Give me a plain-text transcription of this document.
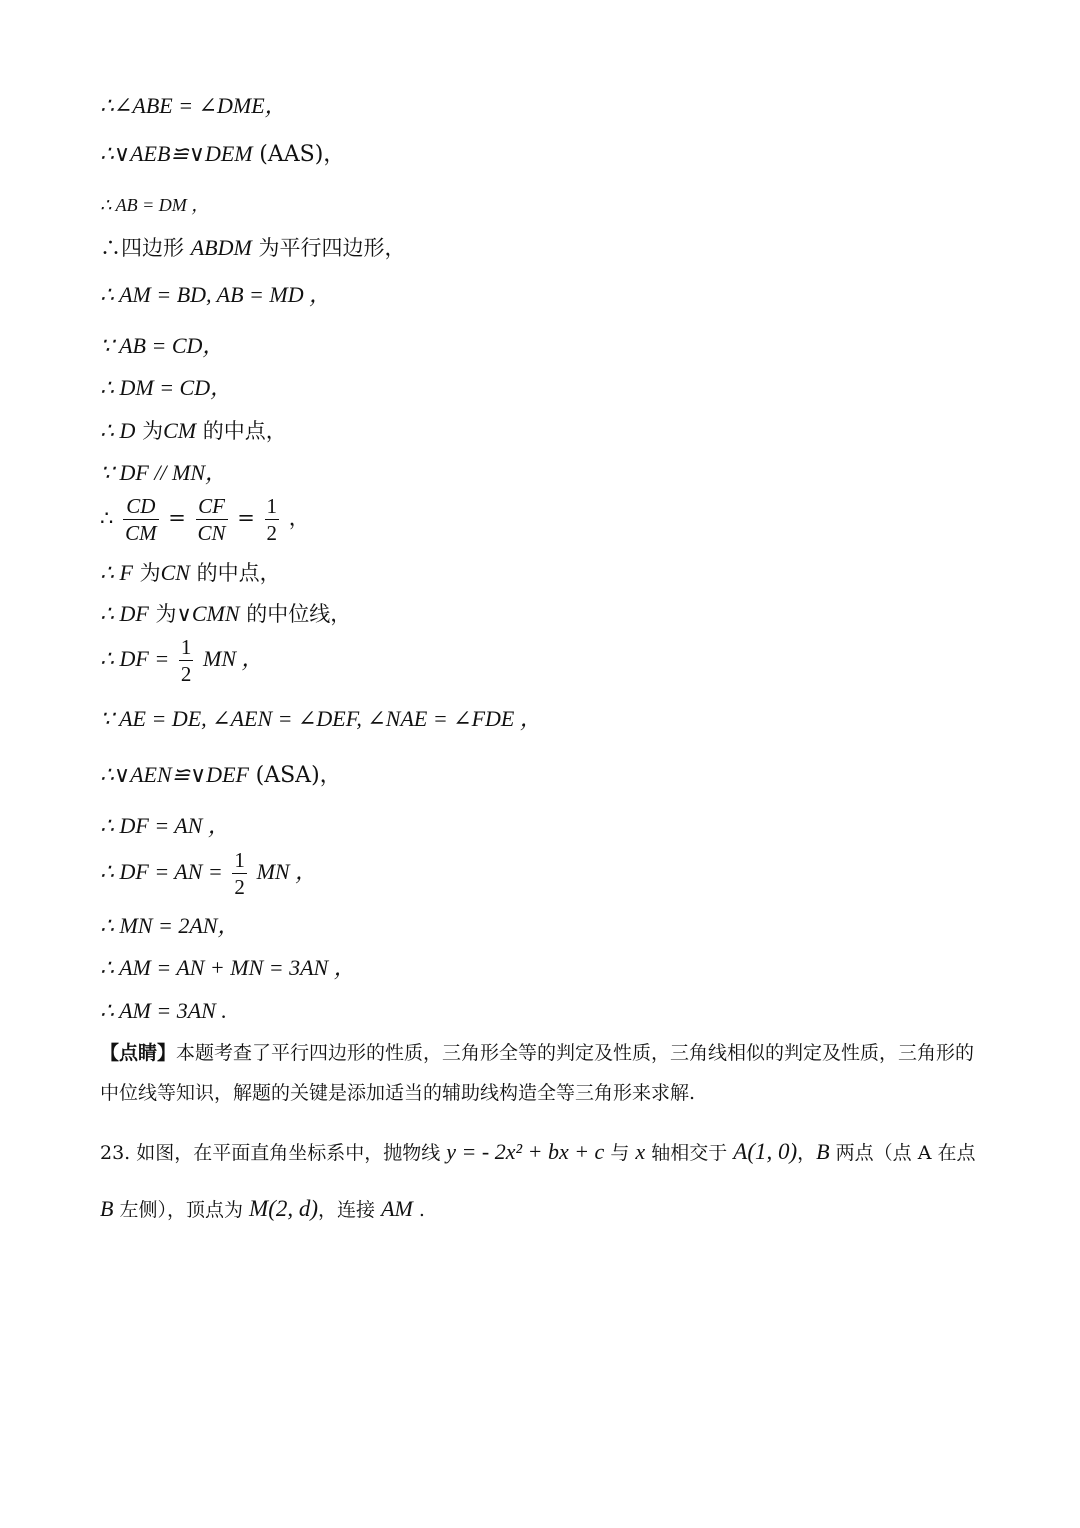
∴∠ABE = ∠DME，
∴∨AEB≌∨DEM (AAS)，
∴ AB = DM ，
∴四边形 ABDM 为平行四边形，
∴ AM = BD, AB = MD ，
∵ AB = CD，
∴ DM = CD，
∴ D 为CM 的中点，
∵ DF // MN，
∴ $\frac{CD}{CM} = \frac{CF}{CN} = \frac{1}{2}$ ，
∴ F 为CN 的中点，
∴ DF 为∨CMN 的中位线，
∴ DF = $\frac{1}{2}$ MN ，
∵ AE = DE, ∠AEN = ∠DEF, ∠NAE = ∠FDE ，
∴∨AEN≌∨DEF (ASA)，
∴ DF = AN ，
∴ DF = AN = $\frac{1}{2}$ MN ，
∴ MN = 2AN，
∴ AM = AN + MN = 3AN ，
∴ AM = 3AN .
【点睛】本题考查了平行四边形的性质，三角形全等的判定及性质，三角线相似的判定及性质，三角形的中位线等知识，解题的关键是添加适当的辅助线构造全等三角形来求解.
23. 如图，在平面直角坐标系中，抛物线 y = - 2x² + bx + c 与 x 轴相交于 A(1, 0)，B 两点（点 A 在点 B 左侧），顶点为 M(2, d)，连接 AM .
